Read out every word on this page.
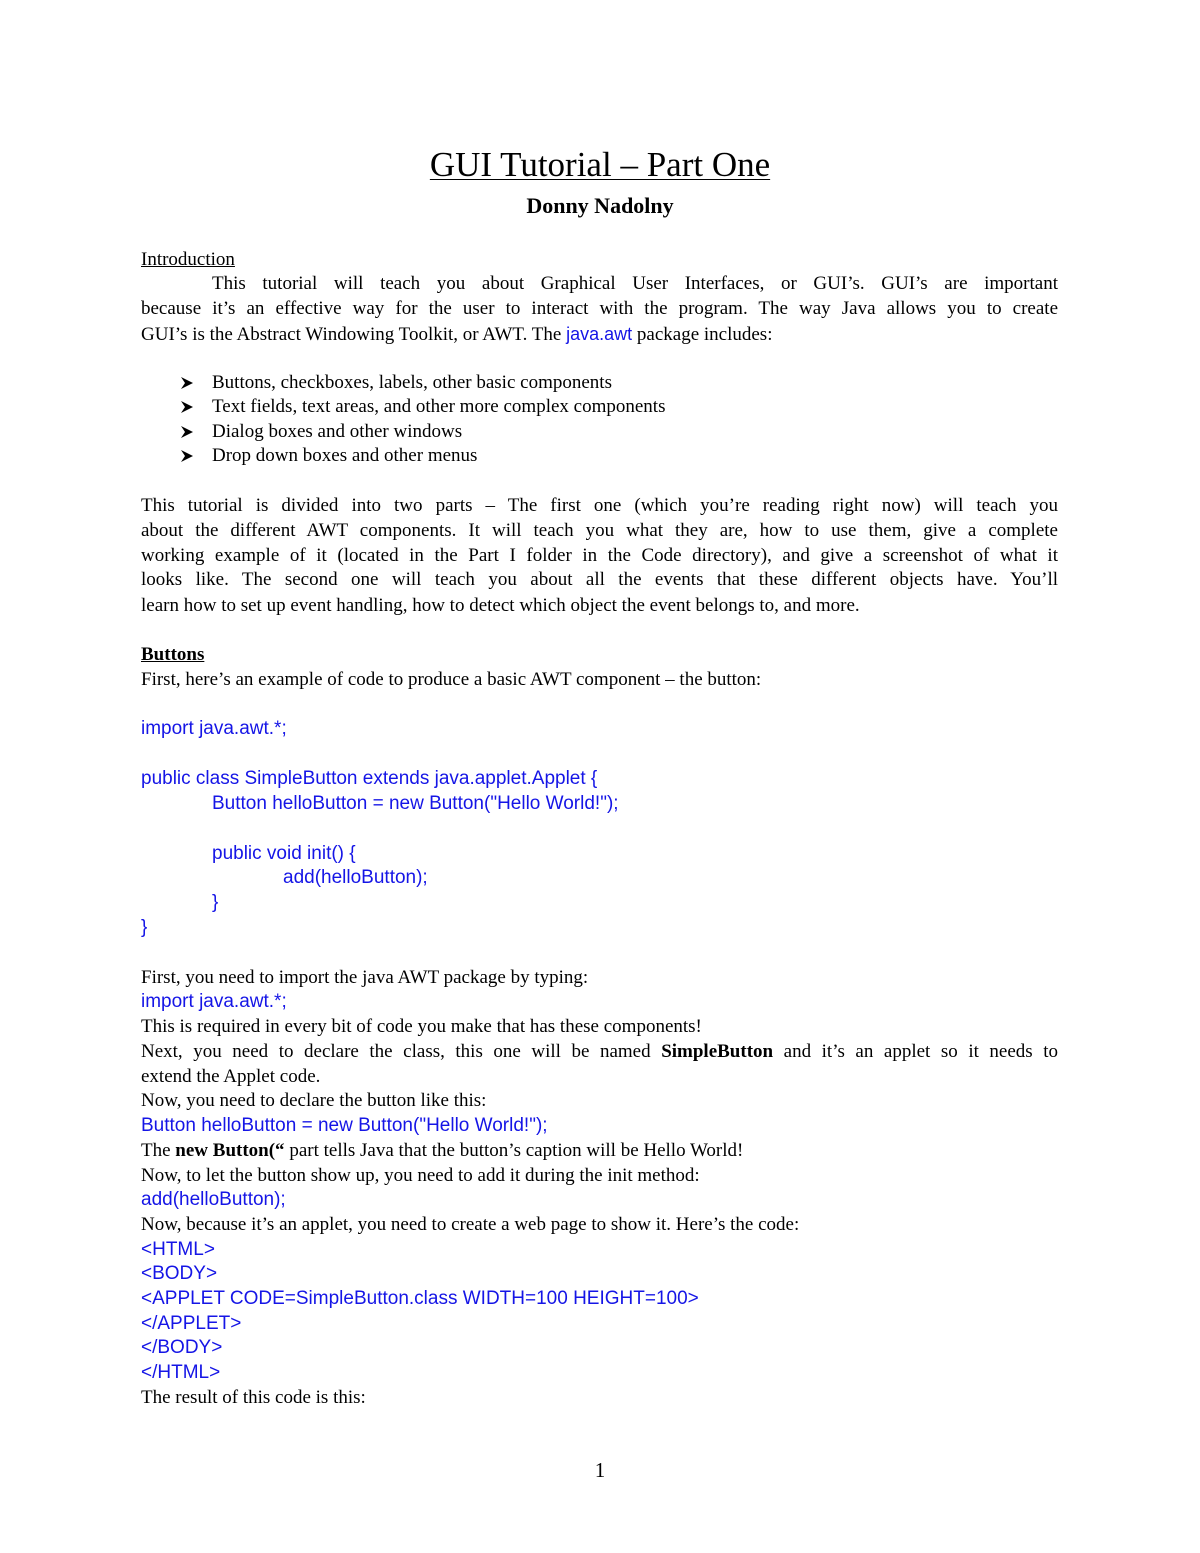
GUI Tutorial – Part One
Donny Nadolny
Introduction
This tutorial will teach you about Graphical User Interfaces, or GUI’s. GUI’s are important
because it’s an effective way for the user to interact with the program. The way Java allows you to create
GUI’s is the Abstract Windowing Toolkit, or AWT. The java.awt package includes:
Buttons, checkboxes, labels, other basic components
Text fields, text areas, and other more complex components
Dialog boxes and other windows
Drop down boxes and other menus
This tutorial is divided into two parts – The first one (which you’re reading right now) will teach you
about the different AWT components. It will teach you what they are, how to use them, give a complete
working example of it (located in the Part I folder in the Code directory), and give a screenshot of what it
looks like. The second one will teach you about all the events that these different objects have. You’ll
learn how to set up event handling, how to detect which object the event belongs to, and more.
Buttons
First, here’s an example of code to produce a basic AWT component – the button:
import java.awt.*;
public class SimpleButton extends java.applet.Applet {
Button helloButton = new Button("Hello World!");
public void init() {
add(helloButton);
}
}
First, you need to import the java AWT package by typing:
import java.awt.*;
This is required in every bit of code you make that has these components!
Next, you need to declare the class, this one will be named SimpleButton and it’s an applet so it needs to
extend the Applet code.
Now, you need to declare the button like this:
Button helloButton = new Button("Hello World!");
The new Button(“ part tells Java that the button’s caption will be Hello World!
Now, to let the button show up, you need to add it during the init method:
add(helloButton);
Now, because it’s an applet, you need to create a web page to show it. Here’s the code:
<HTML>
<BODY>
<APPLET CODE=SimpleButton.class WIDTH=100 HEIGHT=100>
</APPLET>
</BODY>
</HTML>
The result of this code is this:
1
